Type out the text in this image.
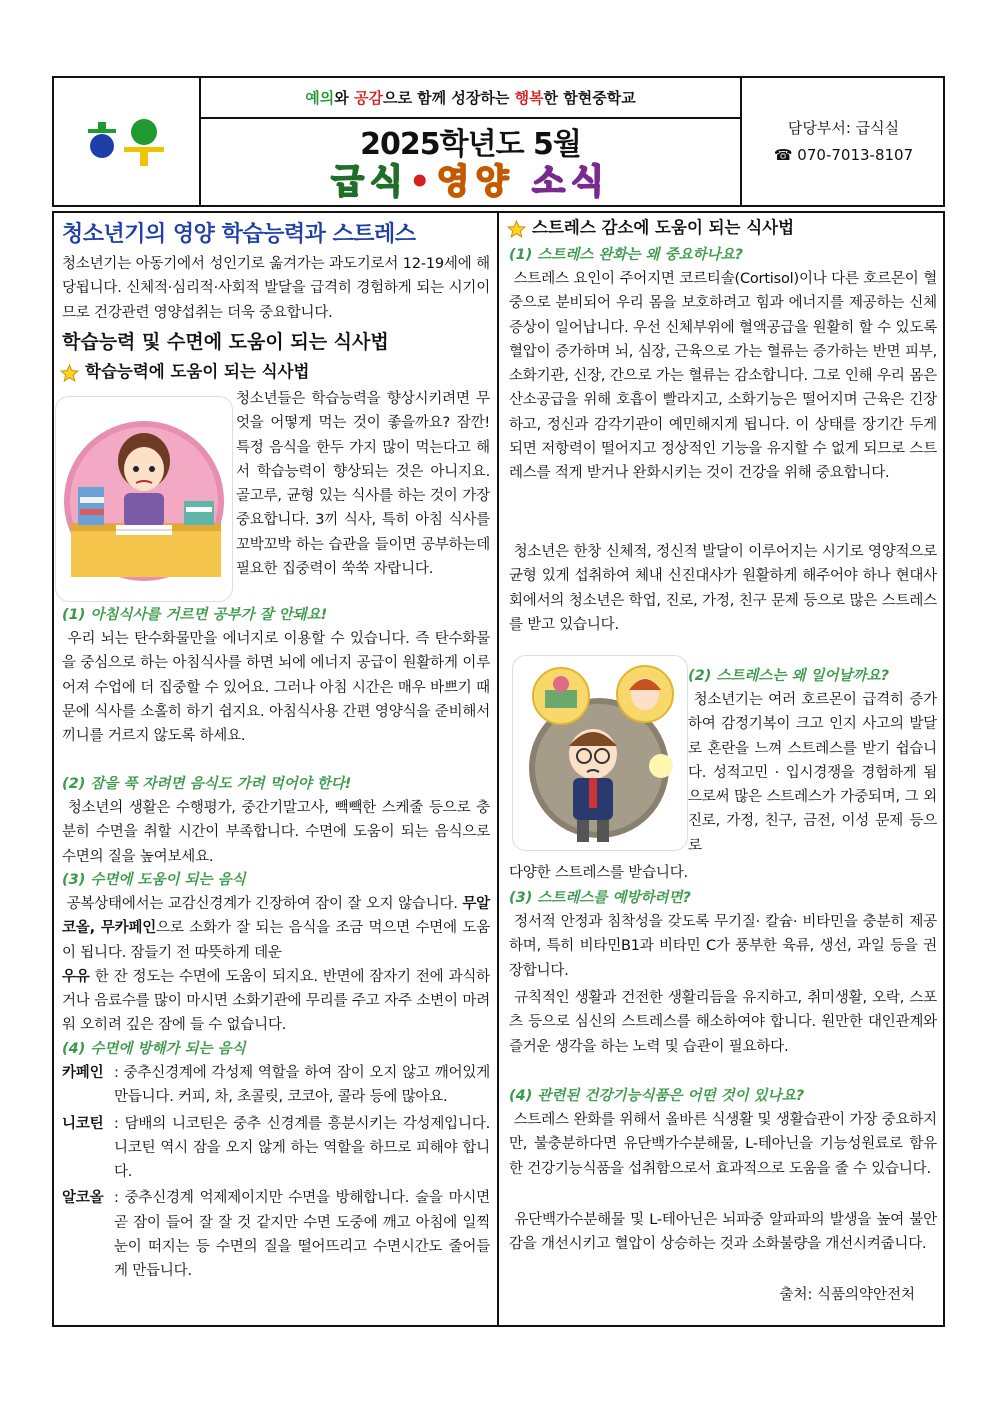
예의와 공감으로 함께 성장하는 행복한 함현중학교
2025학년도 5월
급식•영양 소식
담당부서: 급식실
☎ 070-7013-8107
청소년기의 영양 학습능력과 스트레스
청소년기는 아동기에서 성인기로 옮겨가는 과도기로서 12-19세에 해당됩니다. 신체적·심리적·사회적 발달을 급격히 경험하게 되는 시기이므로 건강관련 영양섭취는 더욱 중요합니다.
학습능력 및 수면에 도움이 되는 식사법
학습능력에 도움이 되는 식사법
청소년들은 학습능력을 향상시키려면 무엇을 어떻게 먹는 것이 좋을까요? 잠깐! 특정 음식을 한두 가지 많이 먹는다고 해서 학습능력이 향상되는 것은 아니지요. 골고루, 균형 있는 식사를 하는 것이 가장 중요합니다. 3끼 식사, 특히 아침 식사를 꼬박꼬박 하는 습관을 들이면 공부하는데 필요한 집중력이 쑥쑥 자랍니다.
(1) 아침식사를 거르면 공부가 잘 안돼요!
우리 뇌는 탄수화물만을 에너지로 이용할 수 있습니다. 즉 탄수화물을 중심으로 하는 아침식사를 하면 뇌에 에너지 공급이 원활하게 이루어져 수업에 더 집중할 수 있어요. 그러나 아침 시간은 매우 바쁘기 때문에 식사를 소홀히 하기 쉽지요. 아침식사용 간편 영양식을 준비해서 끼니를 거르지 않도록 하세요.
(2) 잠을 푹 자려면 음식도 가려 먹어야 한다!
청소년의 생활은 수행평가, 중간기말고사, 빽빽한 스케줄 등으로 충분히 수면을 취할 시간이 부족합니다. 수면에 도움이 되는 음식으로 수면의 질을 높여보세요.
(3) 수면에 도움이 되는 음식
공복상태에서는 교감신경계가 긴장하여 잠이 잘 오지 않습니다. 무알코올, 무카페인으로 소화가 잘 되는 음식을 조금 먹으면 수면에 도움이 됩니다. 잠들기 전 따뜻하게 데운
우유 한 잔 정도는 수면에 도움이 되지요. 반면에 잠자기 전에 과식하거나 음료수를 많이 마시면 소화기관에 무리를 주고 자주 소변이 마려워 오히려 깊은 잠에 들 수 없습니다.
(4) 수면에 방해가 되는 음식
카페인 : 중추신경계에 각성제 역할을 하여 잠이 오지 않고 깨어있게 만듭니다. 커피, 차, 초콜릿, 코코아, 콜라 등에 많아요.
니코틴 : 담배의 니코틴은 중추 신경계를 흥분시키는 각성제입니다. 니코틴 역시 잠을 오지 않게 하는 역할을 하므로 피해야 합니다.
알코올 : 중추신경계 억제제이지만 수면을 방해합니다. 술을 마시면 곧 잠이 들어 잘 잘 것 같지만 수면 도중에 깨고 아침에 일찍 눈이 떠지는 등 수면의 질을 떨어뜨리고 수면시간도 줄어들게 만듭니다.
스트레스 감소에 도움이 되는 식사법
(1) 스트레스 완화는 왜 중요하나요?
스트레스 요인이 주어지면 코르티솔(Cortisol)이나 다른 호르몬이 혈중으로 분비되어 우리 몸을 보호하려고 힘과 에너지를 제공하는 신체증상이 일어납니다. 우선 신체부위에 혈액공급을 원활히 할 수 있도록 혈압이 증가하며 뇌, 심장, 근육으로 가는 혈류는 증가하는 반면 피부, 소화기관, 신장, 간으로 가는 혈류는 감소합니다. 그로 인해 우리 몸은 산소공급을 위해 호흡이 빨라지고, 소화기능은 떨어지며 근육은 긴장하고, 정신과 감각기관이 예민해지게 됩니다. 이 상태를 장기간 두게 되면 저항력이 떨어지고 정상적인 기능을 유지할 수 없게 되므로 스트레스를 적게 받거나 완화시키는 것이 건강을 위해 중요합니다.
청소년은 한창 신체적, 정신적 발달이 이루어지는 시기로 영양적으로 균형 있게 섭취하여 체내 신진대사가 원활하게 해주어야 하나 현대사회에서의 청소년은 학업, 진로, 가정, 친구 문제 등으로 많은 스트레스를 받고 있습니다.
(2) 스트레스는 왜 일어날까요?
청소년기는 여러 호르몬이 급격히 증가하여 감정기복이 크고 인지 사고의 발달로 혼란을 느껴 스트레스를 받기 쉽습니다. 성적고민 · 입시경쟁을 경험하게 됨으로써 많은 스트레스가 가중되며, 그 외 진로, 가정, 친구, 금전, 이성 문제 등으로
다양한 스트레스를 받습니다.
(3) 스트레스를 예방하려면?
정서적 안정과 침착성을 갖도록 무기질· 칼슘· 비타민을 충분히 제공하며, 특히 비타민B1과 비타민 C가 풍부한 육류, 생선, 과일 등을 권장합니다.
규칙적인 생활과 건전한 생활리듬을 유지하고, 취미생활, 오락, 스포츠 등으로 심신의 스트레스를 해소하여야 합니다. 원만한 대인관계와 즐거운 생각을 하는 노력 및 습관이 필요하다.
(4) 관련된 건강기능식품은 어떤 것이 있나요?
스트레스 완화를 위해서 올바른 식생활 및 생활습관이 가장 중요하지만, 불충분하다면 유단백가수분해물, L-테아닌을 기능성원료로 함유한 건강기능식품을 섭취함으로서 효과적으로 도움을 줄 수 있습니다.
유단백가수분해물 및 L-테아닌은 뇌파중 알파파의 발생을 높여 불안감을 개선시키고 혈압이 상승하는 것과 소화불량을 개선시켜줍니다.
출처: 식품의약안전처
